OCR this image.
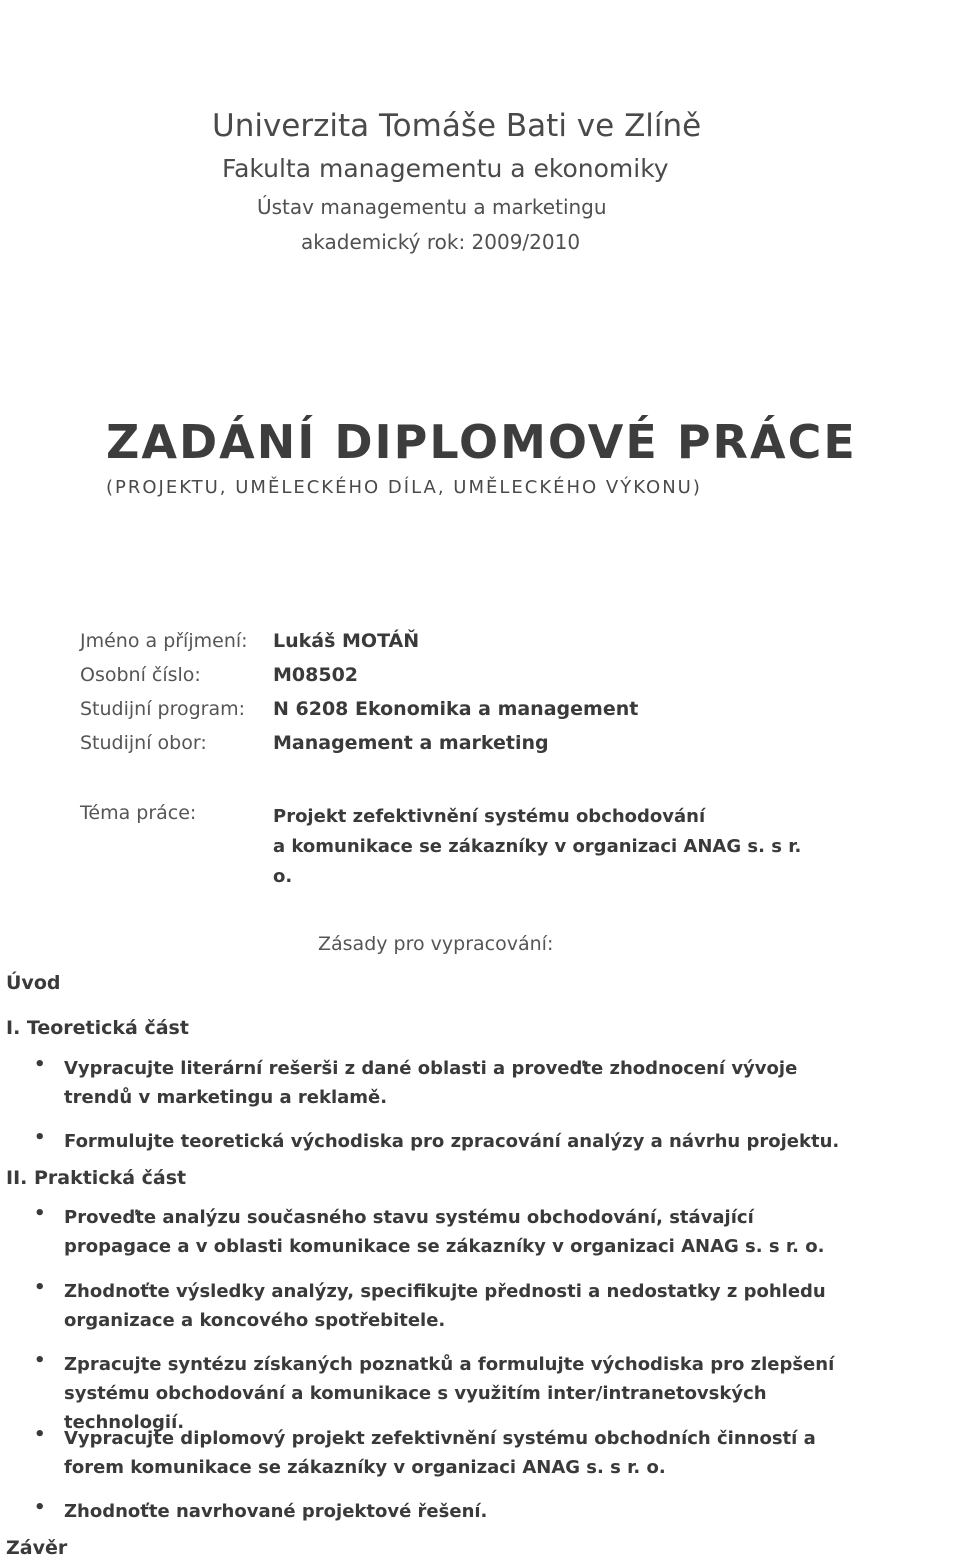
Univerzita Tomáše Bati ve Zlíně
Fakulta managementu a ekonomiky
Ústav managementu a marketingu
akademický rok: 2009/2010
ZADÁNÍ DIPLOMOVÉ PRÁCE
(PROJEKTU, UMĚLECKÉHO DÍLA, UMĚLECKÉHO VÝKONU)
Jméno a příjmení: Lukáš MOTÁŇ
Osobní číslo:	M08502
Studijní program: N 6208 Ekonomika a management
Studijní obor:	Management a marketing
Téma práce:	Projekt zefektivnění systému obchodování
a komunikace se zákazníky v organizaci ANAG s. s r.
o.
Zásady pro vypracování:
Úvod
I. Teoretická část
• Vypracujte literární rešerši z dané oblasti a proveďte zhodnocení vývoje trendů v marketingu a reklamě.
• Formulujte teoretická východiska pro zpracování analýzy a návrhu projektu.
II. Praktická část
• Proveďte analýzu současného stavu systému obchodování, stávající propagace a v oblasti komunikace se zákazníky v organizaci ANAG s. s r. o.
• Zhodnoťte výsledky analýzy, specifikujte přednosti a nedostatky z pohledu organizace a koncového spotřebitele.
• Zpracujte syntézu získaných poznatků a formulujte východiska pro zlepšení systému obchodování a komunikace s využitím inter/intranetovských technologií.
• Vypracujte diplomový projekt zefektivnění systému obchodních činností a forem komunikace se zákazníky v organizaci ANAG s. s r. o.
• Zhodnoťte navrhované projektové řešení.
Závěr
